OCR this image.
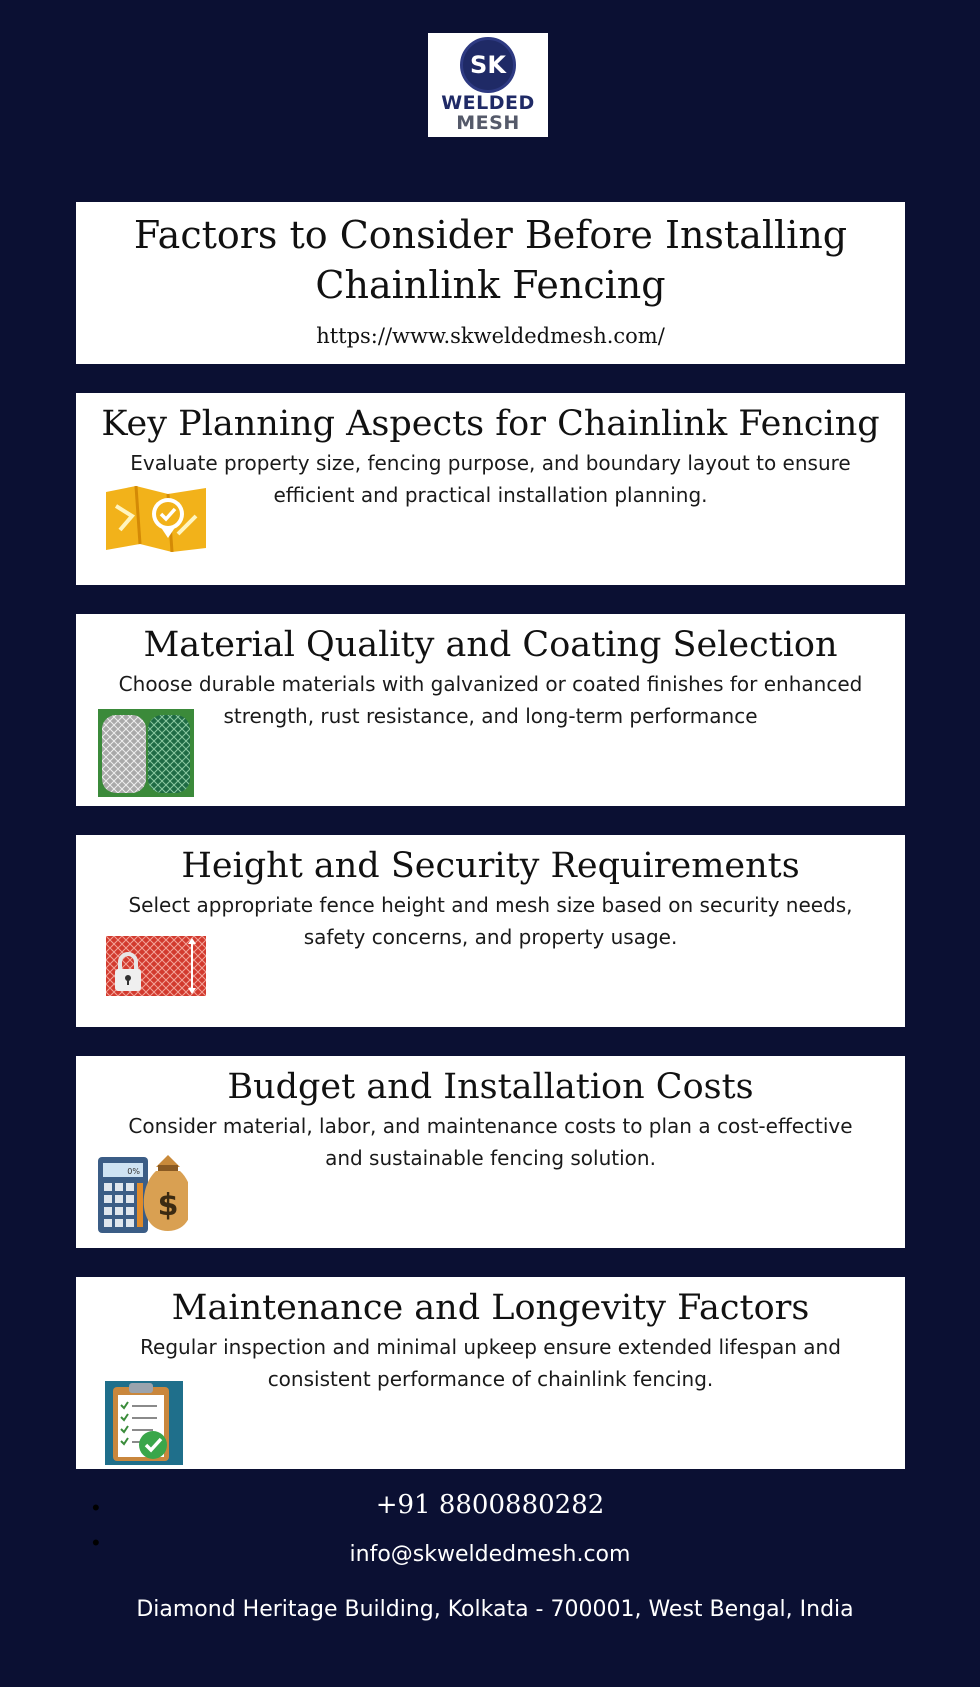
SK
WELDED
MESH
Factors to Consider Before Installing Chainlink Fencing
https://www.skweldedmesh.com/
Key Planning Aspects for Chainlink Fencing

Evaluate property size, fencing purpose, and boundary layout to ensure efficient and practical installation planning.

Material Quality and Coating Selection

Choose durable materials with galvanized or coated finishes for enhanced strength, rust resistance, and long-term performance

Height and Security Requirements

Select appropriate fence height and mesh size based on security needs, safety concerns, and property usage.

Budget and Installation Costs

Consider material, labor, and maintenance costs to plan a cost-effective and sustainable fencing solution.

0%
$
Maintenance and Longevity Factors

Regular inspection and minimal upkeep ensure extended lifespan and consistent performance of chainlink fencing.

•
•
+91 8800880282
info@skweldedmesh.com
Diamond Heritage Building, Kolkata - 700001, West Bengal, India
